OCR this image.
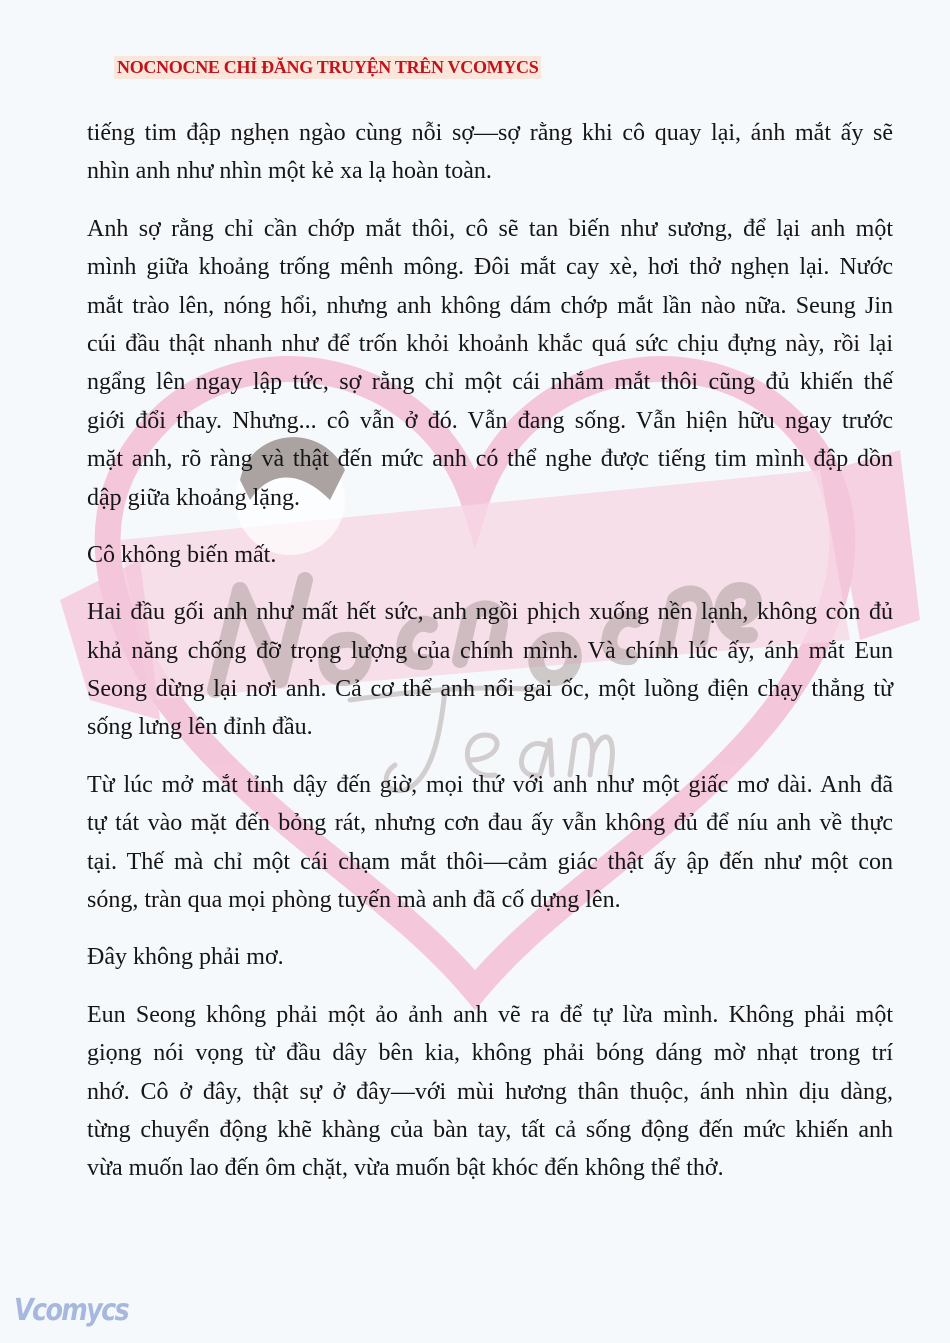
NOCNOCNE CHỈ ĐĂNG TRUYỆN TRÊN VCOMYCS
tiếng tim đập nghẹn ngào cùng nỗi sợ—sợ rằng khi cô quay lại, ánh mắt ấy sẽ
nhìn anh như nhìn một kẻ xa lạ hoàn toàn.
Anh sợ rằng chỉ cần chớp mắt thôi, cô sẽ tan biến như sương, để lại anh một
mình giữa khoảng trống mênh mông. Đôi mắt cay xè, hơi thở nghẹn lại. Nước
mắt trào lên, nóng hổi, nhưng anh không dám chớp mắt lần nào nữa. Seung Jin
cúi đầu thật nhanh như để trốn khỏi khoảnh khắc quá sức chịu đựng này, rồi lại
ngẩng lên ngay lập tức, sợ rằng chỉ một cái nhắm mắt thôi cũng đủ khiến thế
giới đổi thay. Nhưng... cô vẫn ở đó. Vẫn đang sống. Vẫn hiện hữu ngay trước
mặt anh, rõ ràng và thật đến mức anh có thể nghe được tiếng tim mình đập dồn
dập giữa khoảng lặng.
Cô không biến mất.
Hai đầu gối anh như mất hết sức, anh ngồi phịch xuống nền lạnh, không còn đủ
khả năng chống đỡ trọng lượng của chính mình. Và chính lúc ấy, ánh mắt Eun
Seong dừng lại nơi anh. Cả cơ thể anh nổi gai ốc, một luồng điện chạy thẳng từ
sống lưng lên đỉnh đầu.
Từ lúc mở mắt tỉnh dậy đến giờ, mọi thứ với anh như một giấc mơ dài. Anh đã
tự tát vào mặt đến bỏng rát, nhưng cơn đau ấy vẫn không đủ để níu anh về thực
tại. Thế mà chỉ một cái chạm mắt thôi—cảm giác thật ấy ập đến như một con
sóng, tràn qua mọi phòng tuyến mà anh đã cố dựng lên.
Đây không phải mơ.
Eun Seong không phải một ảo ảnh anh vẽ ra để tự lừa mình. Không phải một
giọng nói vọng từ đầu dây bên kia, không phải bóng dáng mờ nhạt trong trí
nhớ. Cô ở đây, thật sự ở đây—với mùi hương thân thuộc, ánh nhìn dịu dàng,
từng chuyển động khẽ khàng của bàn tay, tất cả sống động đến mức khiến anh
vừa muốn lao đến ôm chặt, vừa muốn bật khóc đến không thể thở.
Vcomycs
